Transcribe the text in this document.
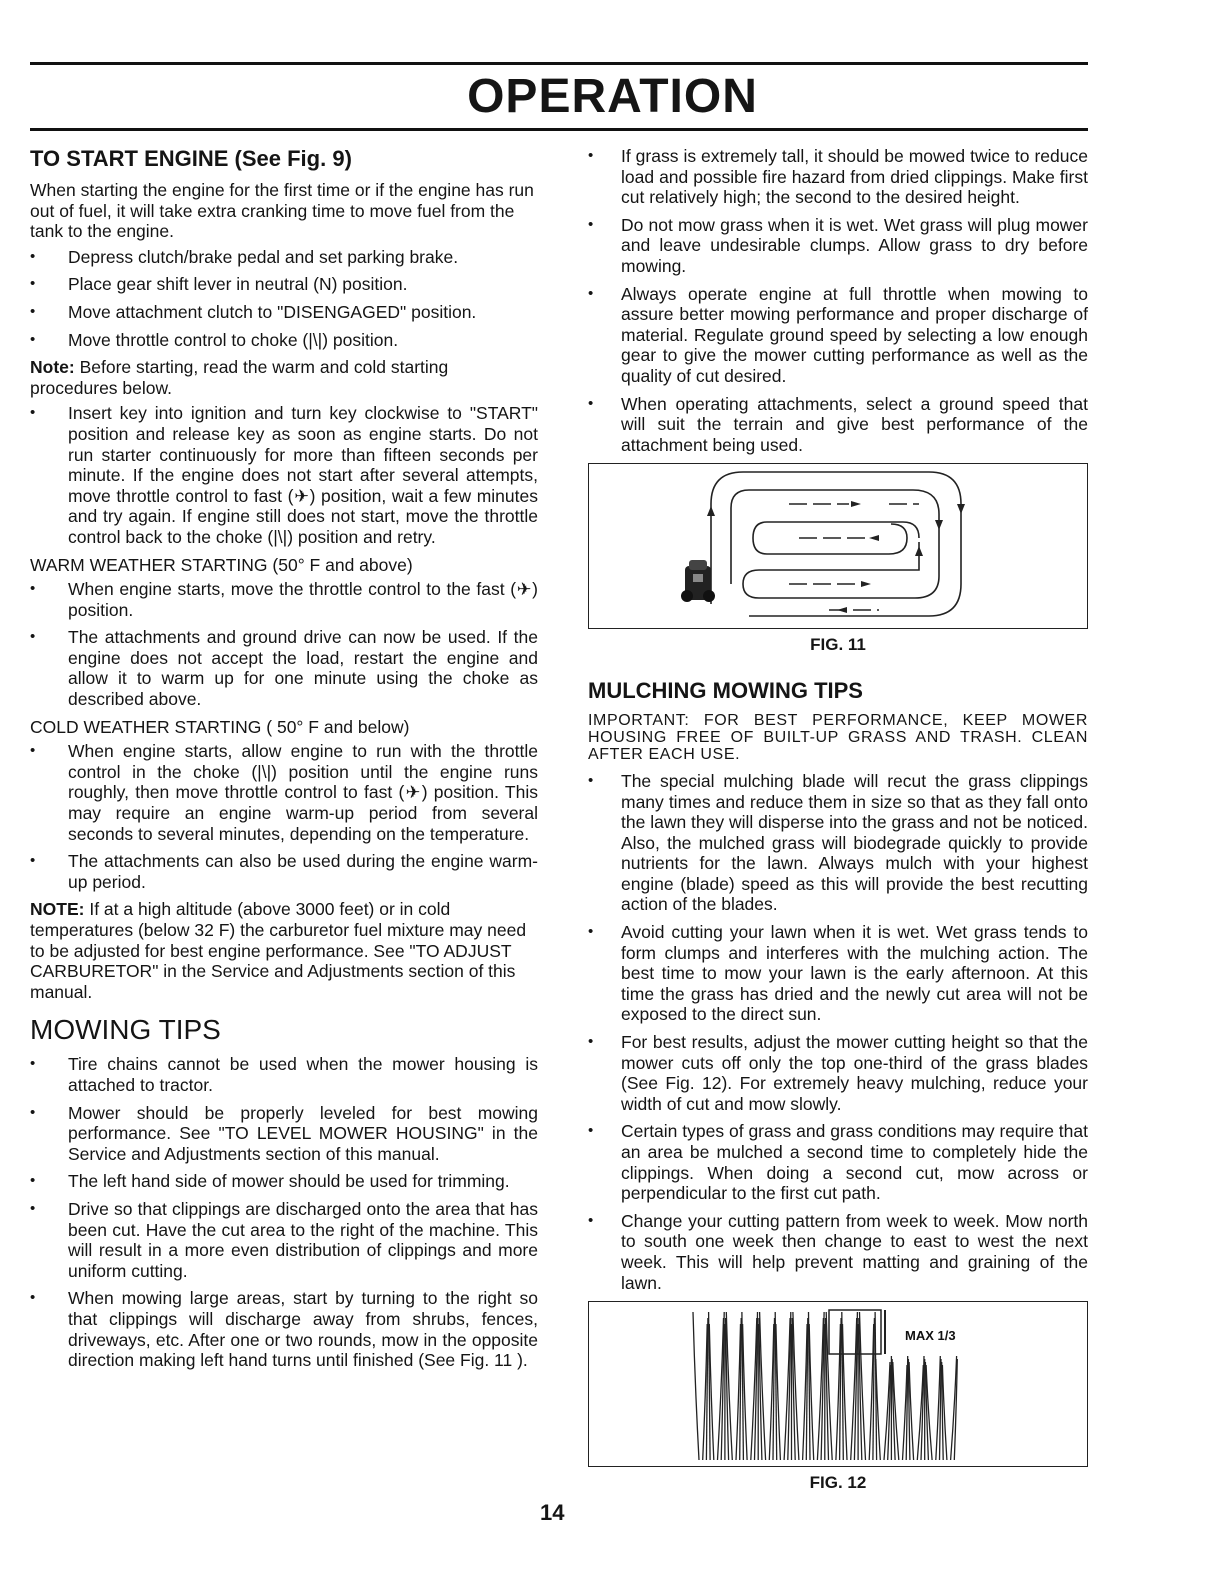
OPERATION
TO START ENGINE (See Fig. 9)

When starting the engine for the first time or if the engine has run out of fuel, it will take extra cranking time to move fuel from the tank to the engine.

• Depress clutch/brake pedal and set parking brake.
• Place gear shift lever in neutral (N) position.
• Move attachment clutch to "DISENGAGED" position.
• Move throttle control to choke (|\|) position.

Note: Before starting, read the warm and cold starting procedures below.

• Insert key into ignition and turn key clockwise to "START" position and release key as soon as engine starts. Do not run starter continuously for more than fifteen seconds per minute. If the engine does not start after several attempts, move throttle control to fast (✈) position, wait a few minutes and try again. If engine still does not start, move the throttle control back to the choke (|\|) position and retry.

WARM WEATHER STARTING (50° F and above)

• When engine starts, move the throttle control to the fast (✈) position.
• The attachments and ground drive can now be used. If the engine does not accept the load, restart the engine and allow it to warm up for one minute using the choke as described above.

COLD WEATHER STARTING ( 50° F and below)

• When engine starts, allow engine to run with the throttle control in the choke (|\|) position until the engine runs roughly, then move throttle control to fast (✈) position. This may require an engine warm-up period from several seconds to several minutes, depending on the temperature.
• The attachments can also be used during the engine warm-up period.

NOTE: If at a high altitude (above 3000 feet) or in cold temperatures (below 32 F) the carburetor fuel mixture may need to be adjusted for best engine performance. See "TO ADJUST CARBURETOR" in the Service and Adjustments section of this manual.

MOWING TIPS
• Tire chains cannot be used when the mower housing is attached to tractor.
• Mower should be properly leveled for best mowing performance. See "TO LEVEL MOWER HOUSING" in the Service and Adjustments section of this manual.
• The left hand side of mower should be used for trimming.
• Drive so that clippings are discharged onto the area that has been cut. Have the cut area to the right of the machine. This will result in a more even distribution of clippings and more uniform cutting.
• When mowing large areas, start by turning to the right so that clippings will discharge away from shrubs, fences, driveways, etc. After one or two rounds, mow in the opposite direction making left hand turns until finished (See Fig. 11 ).
• If grass is extremely tall, it should be mowed twice to reduce load and possible fire hazard from dried clippings. Make first cut relatively high; the second to the desired height.
• Do not mow grass when it is wet. Wet grass will plug mower and leave undesirable clumps. Allow grass to dry before mowing.
• Always operate engine at full throttle when mowing to assure better mowing performance and proper discharge of material. Regulate ground speed by selecting a low enough gear to give the mower cutting performance as well as the quality of cut desired.
• When operating attachments, select a ground speed that will suit the terrain and give best performance of the attachment being used.
FIG. 11
MULCHING MOWING TIPS

IMPORTANT: FOR BEST PERFORMANCE, KEEP MOWER HOUSING FREE OF BUILT-UP GRASS AND TRASH. CLEAN AFTER EACH USE.

• The special mulching blade will recut the grass clippings many times and reduce them in size so that as they fall onto the lawn they will disperse into the grass and not be noticed. Also, the mulched grass will biodegrade quickly to provide nutrients for the lawn. Always mulch with your highest engine (blade) speed as this will provide the best recutting action of the blades.
• Avoid cutting your lawn when it is wet. Wet grass tends to form clumps and interferes with the mulching action. The best time to mow your lawn is the early afternoon. At this time the grass has dried and the newly cut area will not be exposed to the direct sun.
• For best results, adjust the mower cutting height so that the mower cuts off only the top one-third of the grass blades (See Fig. 12). For extremely heavy mulching, reduce your width of cut and mow slowly.
• Certain types of grass and grass conditions may require that an area be mulched a second time to completely hide the clippings. When doing a second cut, mow across or perpendicular to the first cut path.
• Change your cutting pattern from week to week. Mow north to south one week then change to east to west the next week. This will help prevent matting and graining of the lawn.
MAX 1/3
FIG. 12
14
